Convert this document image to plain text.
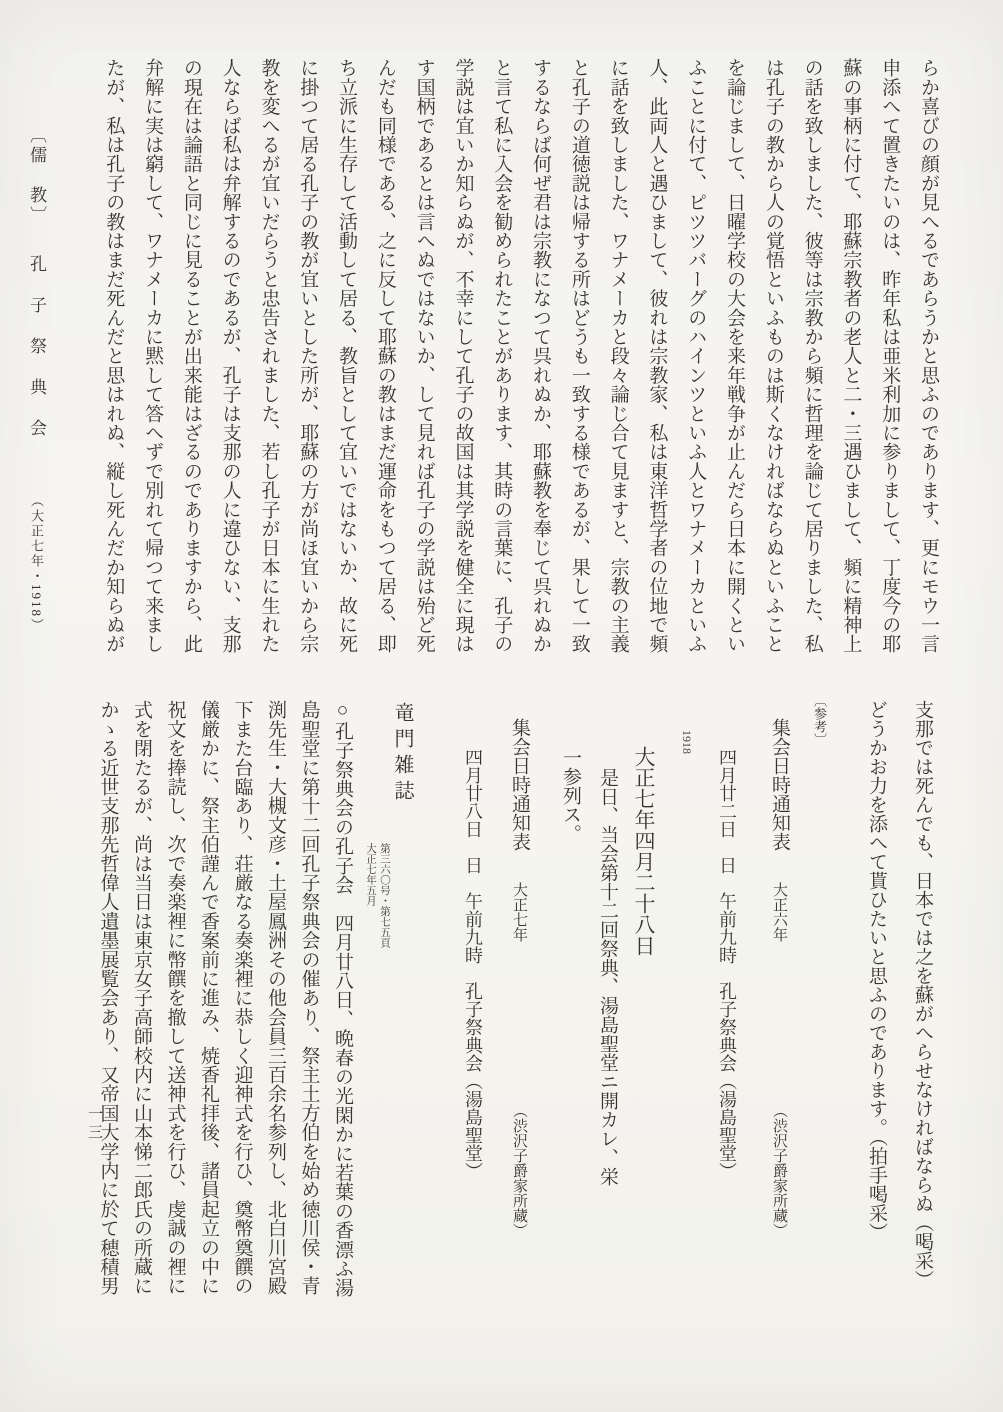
〔儒　教〕 孔子祭典会 （大正七年・1918）	らか喜びの顔が見へるであらうかと思ふのであります、更にモウ一言
申添へて置きたいのは、昨年私は亜米利加に参りまして、丁度今の耶
蘇の事柄に付て、耶蘇宗教者の老人と二・三遇ひまして、頻に精神上
の話を致しました、彼等は宗教から頻に哲理を論じて居りました、私
は孔子の教から人の覚悟といふものは斯くなければならぬといふこと
を論じまして、日曜学校の大会を来年戦争が止んだら日本に開くとい
ふことに付て、ピツツバーグのハインツといふ人とワナメーカといふ
人、此両人と遇ひまして、彼れは宗教家、私は東洋哲学者の位地で頻
に話を致しました、ワナメーカと段々論じ合て見ますと、宗教の主義
と孔子の道徳説は帰する所はどうも一致する様であるが、果して一致
するならば何ぜ君は宗教になつて呉れぬか、耶蘇教を奉じて呉れぬか
と言て私に入会を勧められたことがあります、其時の言葉に、孔子の
学説は宜いか知らぬが、不幸にして孔子の故国は其学説を健全に現は
す国柄であるとは言へぬではないか、して見れば孔子の学説は殆ど死
んだも同様である、之に反して耶蘇の教はまだ運命をもつて居る、即
ち立派に生存して活動して居る、教旨として宜いではないか、故に死
に掛つて居る孔子の教が宜いとした所が、耶蘇の方が尚ほ宜いから宗
教を変へるが宜いだらうと忠告されました、若し孔子が日本に生れた
人ならば私は弁解するのであるが、孔子は支那の人に違ひない、支那
の現在は論語と同じに見ることが出来能はざるのでありますから、此
弁解に実は窮して、ワナメーカに黙して答へずで別れて帰つて来まし
たが、私は孔子の教はまだ死んだと思はれぬ、縦し死んだか知らぬが
支那では死んでも、日本では之を蘇がへらせなければならぬ（喝采）
どうかお力を添へて貰ひたいと思ふのであります。（拍手喝采）
〔参考〕
集会日時通知表 大正六年 （渋沢子爵家所蔵）
四月廿二日　日　午前九時　孔子祭典会（湯島聖堂）
1918
大正七年四月二十八日
是日、当会第十二回祭典、湯島聖堂ニ開カレ、栄
一参列ス。
集会日時通知表 大正七年 （渋沢子爵家所蔵）
四月廿八日　日　午前九時　孔子祭典会（湯島聖堂）
竜門雑誌
第三六〇号・第七五頁
大正七年五月
○孔子祭典会の孔子会　四月廿八日、晩春の光閑かに若葉の香漂ふ湯
島聖堂に第十二回孔子祭典会の催あり、祭主土方伯を始め徳川侯・青
渕先生・大槻文彦・土屋鳳洲その他会員三百余名参列し、北白川宮殿
下また台臨あり、荘厳なる奏楽裡に恭しく迎神式を行ひ、奠幣奠饌の
儀厳かに、祭主伯謹んで香案前に進み、焼香礼拝後、諸員起立の中に
祝文を捧読し、次で奏楽裡に幣饌を撤して送神式を行ひ、虔誠の裡に
式を閉たるが、尚は当日は東京女子高師校内に山本悌二郎氏の所蔵に
かゝる近世支那先哲偉人遺墨展覧会あり、又帝国大学内に於て穂積男
一三
